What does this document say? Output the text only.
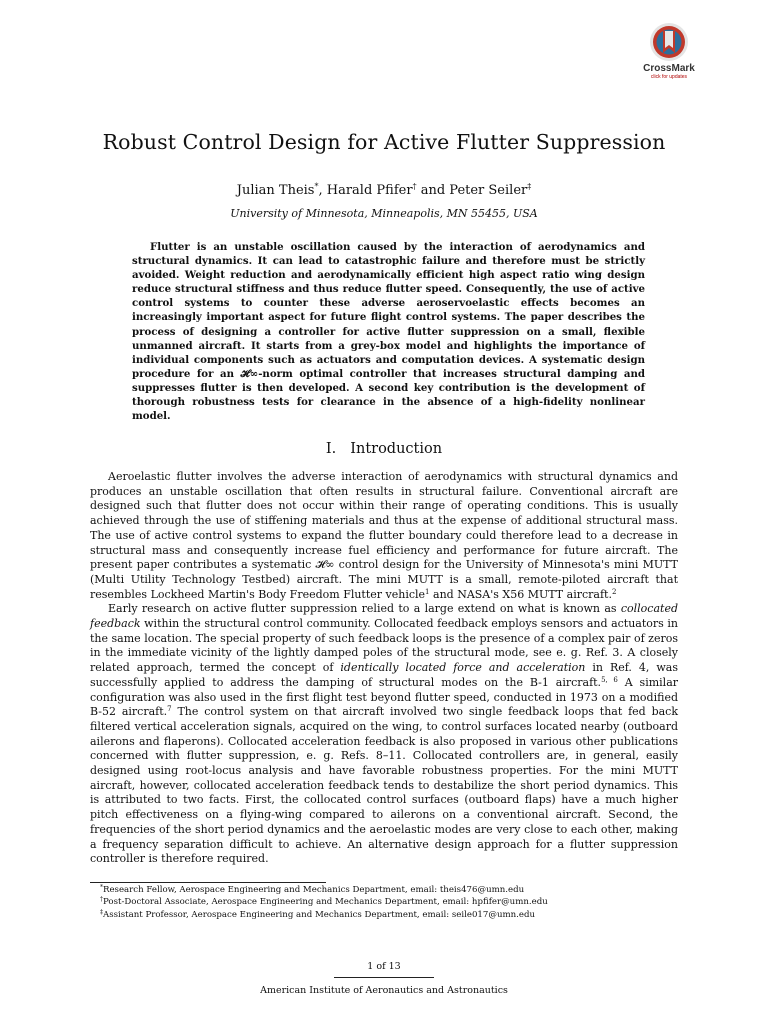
CrossMark
click for updates
Robust Control Design for Active Flutter Suppression
Julian Theis*, Harald Pfifer† and Peter Seiler‡
University of Minnesota, Minneapolis, MN 55455, USA

Flutter is an unstable oscillation caused by the interaction of aerodynamics and structural dynamics. It can lead to catastrophic failure and therefore must be strictly avoided. Weight reduction and aerodynamically efficient high aspect ratio wing design reduce structural stiffness and thus reduce flutter speed. Consequently, the use of active control systems to counter these adverse aeroservoelastic effects becomes an increasingly important aspect for future flight control systems. The paper describes the process of designing a controller for active flutter suppression on a small, flexible unmanned aircraft. It starts from a grey-box model and highlights the importance of individual components such as actuators and computation devices. A systematic design procedure for an 𝓗∞-norm optimal controller that increases structural damping and suppresses flutter is then developed. A second key contribution is the development of thorough robustness tests for clearance in the absence of a high-fidelity nonlinear model.

I. Introduction

Aeroelastic flutter involves the adverse interaction of aerodynamics with structural dynamics and produces an unstable oscillation that often results in structural failure. Conventional aircraft are designed such that flutter does not occur within their range of operating conditions. This is usually achieved through the use of stiffening materials and thus at the expense of additional structural mass. The use of active control systems to expand the flutter boundary could therefore lead to a decrease in structural mass and consequently increase fuel efficiency and performance for future aircraft. The present paper contributes a systematic 𝓗∞ control design for the University of Minnesota's mini MUTT (Multi Utility Technology Testbed) aircraft. The mini MUTT is a small, remote-piloted aircraft that resembles Lockheed Martin's Body Freedom Flutter vehicle$^1$ and NASA's X56 MUTT aircraft.$^2$

Early research on active flutter suppression relied to a large extend on what is known as collocated feedback within the structural control community. Collocated feedback employs sensors and actuators in the same location. The special property of such feedback loops is the presence of a complex pair of zeros in the immediate vicinity of the lightly damped poles of the structural mode, see e. g. Ref. 3. A closely related approach, termed the concept of identically located force and acceleration in Ref. 4, was successfully applied to address the damping of structural modes on the B-1 aircraft.$^{5, 6}$ A similar configuration was also used in the first flight test beyond flutter speed, conducted in 1973 on a modified B-52 aircraft.$^7$ The control system on that aircraft involved two single feedback loops that fed back filtered vertical acceleration signals, acquired on the wing, to control surfaces located nearby (outboard ailerons and flaperons). Collocated acceleration feedback is also proposed in various other publications concerned with flutter suppression, e. g. Refs. 8–11. Collocated controllers are, in general, easily designed using root-locus analysis and have favorable robustness properties. For the mini MUTT aircraft, however, collocated acceleration feedback tends to destabilize the short period dynamics. This is attributed to two facts. First, the collocated control surfaces (outboard flaps) have a much higher pitch effectiveness on a flying-wing compared to ailerons on a conventional aircraft. Second, the frequencies of the short period dynamics and the aeroelastic modes are very close to each other, making a frequency separation difficult to achieve. An alternative design approach for a flutter suppression controller is therefore required.

*Research Fellow, Aerospace Engineering and Mechanics Department, email: theis476@umn.edu
†Post-Doctoral Associate, Aerospace Engineering and Mechanics Department, email: hpfifer@umn.edu
‡Assistant Professor, Aerospace Engineering and Mechanics Department, email: seile017@umn.edu
1 of 13
American Institute of Aeronautics and Astronautics
